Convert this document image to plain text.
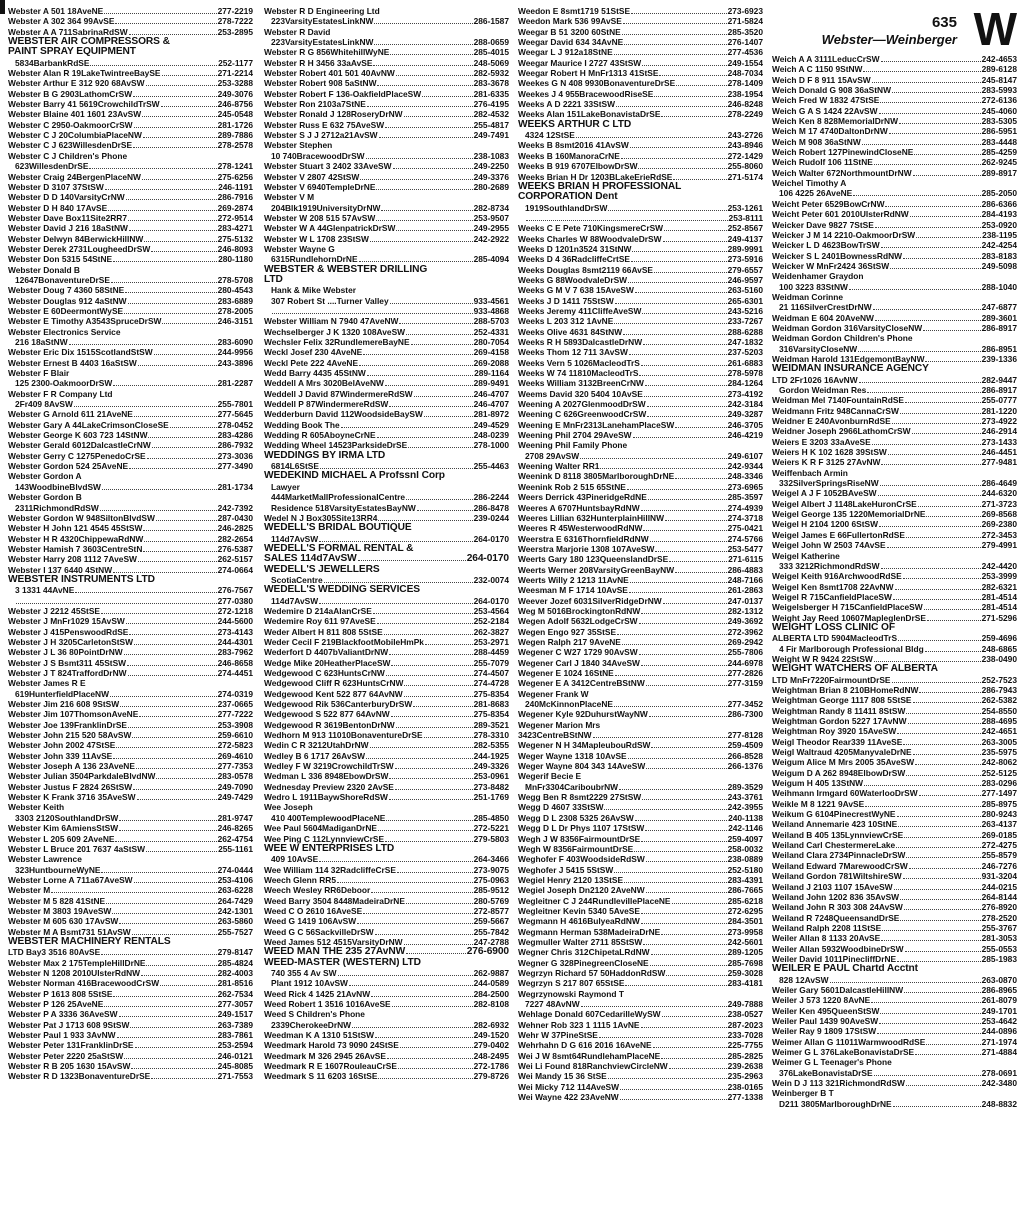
Webster A 501 18AveNE	277-2219
Webster A 302 364 99AvSE	278-7222
Webster A A 711SabrinaRdSW	253-2895
WEBSTER AIR COMPRESSORS &
PAINT SPRAY EQUIPMENT
5834BarbankRdSE	252-1177
Webster Alan R 19LakeTwintreeBaySE	271-2214
Webster Arthur E 312 920 68AvSW	253-3288
Webster B G 2903LathomCrSW	249-3076
Webster Barry 41 5619CrowchildTrSW	246-8756
Webster Blaine 401 1601 23AvSW	245-0548
Webster C 2950-OakmoorCrSW	281-1726
Webster C J 20ColumbiaPlaceNW	289-7886
Webster C J 623WillesdenDrSE	278-2578
Webster C J Children's Phone
623WillesdenDrSE	278-1241
Webster Craig 24BergenPlaceNW	275-6256
Webster D 3107 37StSW	246-1191
Webster D D 140VarsityCrNW	286-7916
Webster D H 840 17AvSE	269-2874
Webster Dave Box11Site2RR7	272-9514
Webster David J 216 18aStNW	283-4271
Webster Delwyn 84BerwickHillNW	275-5132
Webster Derek 2731LougheedDrSW	246-8093
Webster Don 5315 54StNE	280-1180
Webster Donald B
12647BonaventureDrSE	278-5708
Webster Doug 7 4360 58StNE	280-4543
Webster Douglas 912 4aStNW	283-6889
Webster E 60DeermontWySE	278-2005
Webster E Timothy A3543SpruceDrSW	246-3151
Webster Electronics Service
216 18aStNW	283-6090
Webster Eric Dix 1515ScotlandStSW	244-9956
Webster Ernest B 4403 16aStSW	243-3896
Webster F Blair
125 2300-OakmoorDrSW	281-2287
Webster F R Company Ltd
2Fr409 8AvSW	255-7801
Webster G Arnold 611 21AveNE	277-5645
Webster Gary A 44LakeCrimsonCloseSE	278-0452
Webster George K 603 723 14StNW	283-4286
Webster Gerald 6012DalcastleCrNW	286-7932
Webster Gerry C 1275PenedoCrSE	273-3036
Webster Gordon 524 25AveNE	277-3490
Webster Gordon A
143WoodbineBlvdSW	281-1734
Webster Gordon B
2311RichmondRdSW	242-7392
Webster Gordon W 948SiltonBlvdSW	287-0430
Webster H John 121 4545 45StSW	246-2825
Webster H R 4320ChippewaRdNW	282-2654
Webster Hamish 7 3603CentreStN	276-5387
Webster Harry 208 1112 7AveSW	262-5157
Webster I 137 6440 4StNW	274-0664
WEBSTER INSTRUMENTS LTD
3 1331 44AvNE	276-7567
277-0380
Webster J 2212 45StSE	272-1218
Webster J MnFr1029 15AvSW	244-5600
Webster J 415PenswoodRdSE	273-4143
Webster J H 3205CarletonStSW	244-4301
Webster J L 36 80PointDrNW	283-7962
Webster J S Bsmt311 45StSW	246-8658
Webster J T 824TraffordDrNW	274-4451
Webster James R E
619HunterfieldPlaceNW	274-0319
Webster Jim 216 608 9StSW	237-0665
Webster Jim 107ThomsonAveNE	277-7222
Webster Joe 139FranklinDrSE	253-3908
Webster John 215 520 58AvSW	259-6610
Webster John 2002 47StSE	272-5823
Webster John 339 11AvSE	269-4610
Webster Joseph A 136 23AveNE	277-7353
Webster Julian 3504ParkdaleBlvdNW	283-0578
Webster Justus F 2824 26StSW	249-7090
Webster K Frank 3716 35AveSW	249-7429
Webster Keith
3303 2120SouthlandDrSW	281-9747
Webster Kim 6AmiensStSW	246-8265
Webster L 205 609 2AveNE	262-4754
Webster L Bruce 201 7637 4aStSW	255-1161
Webster Lawrence
323HuntbourneWyNE	274-0444
Webster Lorne A 711a67AveSW	253-4106
Webster M	263-6228
Webster M 5 828 41StNE	264-7429
Webster M 3803 19AveSW	242-1301
Webster M 605 630 17AvSW	263-5860
Webster M A Bsmt731 51AvSW	255-7527
WEBSTER MACHINERY RENTALS
LTD Bay3 3516 80AvSE	279-8147
Webster Max 2 175TempleHillDrNE	285-4824
Webster N 1208 2010UlsterRdNW	282-4003
Webster Norman 416BracewoodCrSW	281-8516
Webster P 1613 808 5StSE	262-7534
Webster P 126 25AveNE	277-3057
Webster P A 3336 36AveSW	249-1517
Webster Pat J 1713 608 9StSW	263-7389
Webster Paul 1 933 3AvNW	283-7861
Webster Peter 131FranklinDrSE	253-2594
Webster Peter 2220 25aStSW	246-0121
Webster R B 205 1630 15AvSW	245-8085
Webster R D 1323BonaventureDrSE	271-7553
Webster R D Engineering Ltd
223VarsityEstatesLinkNW	286-1587
Webster R David
223VarsityEstatesLinkNW	288-0659
Webster R G 856WhitehillWyNE	285-4015
Webster R H 3456 33aAvSE	248-5069
Webster Robert 401 501 40AvNW	282-5932
Webster Robert 908 5aStNW	283-3678
Webster Robert F 136-OakfieldPlaceSW	281-6335
Webster Ron 2103a7StNE	276-4195
Webster Ronald J 128RoseryDrNW	282-4532
Webster Russ E 632 75AveSW	255-4817
Webster S J J 2712a21AvSW	249-7491
Webster Stephen
10 740BracewoodDrSW	238-1083
Webster Stuart 3 2402 33AveSW	249-2250
Webster V 2807 42StSW	249-3376
Webster V 6940TempleDrNE	280-2689
Webster V M
204Blk1919UniversityDrNW	282-8734
Webster W 208 515 57AvSW	253-9507
Webster W A 44GlenpatrickDrSW	249-2955
Webster W L 1708 23StSW	242-2922
Webster Wayne G
6315RundlehornDrNE	285-4094
WEBSTER & WEBSTER DRILLING
LTD
Hank & Mike Webster
307 Robert St ....Turner Valley	933-4561
933-4868
Webster William N 7940 47AveNW	288-5703
Wechselberger J K 1320 108AveSW	252-4331
Wechsler Felix 32RundlemereBayNE	280-7054
Weckl Josef 230 4AveNE	269-4158
Weckl Pete 222 4AveNE	269-2088
Wedd Barry 4435 45StNW	289-1164
Weddell A Mrs 3020BelAveNW	289-9491
Weddell J David 87WindermereRdSW	246-4707
Weddell P 87WindermereRdSW	246-4707
Wedderburn David 112WoodsideBaySW	281-8972
Wedding Book The	249-4529
Wedding R 605AboyneCrNE	248-0239
Wedding Wheel 14523ParksideDrSE	278-1000
WEDDINGS BY IRMA LTD
6814L6StSE	255-4463
WEDEKIND MICHAEL A Profssnl Corp
Lawyer
444MarketMallProfessionalCentre	286-2244
Residence 518VarsityEstatesBayNW	286-8478
Wedel N J Box305Site13RR4	239-0244
WEDELL'S BRIDAL BOUTIQUE
114d7AvSW	264-0170
WEDELL'S FORMAL RENTAL &
SALES 114d7AvSW	264-0170
WEDELL'S JEWELLERS
ScotiaCentre	232-0074
WEDELL'S WEDDING SERVICES
114d7AvSW	264-0170
Wedemire D 214aAlanCrSE	253-4564
Wedemire Roy 611 97AveSE	252-2184
Weder Albert H 811 808 5StSE	262-3827
Weder Cecil F 219BlackfootMobileHmPk	253-2971
Wederfort D 4407bValiantDrNW	288-4459
Wedge Mike 20HeatherPlaceSW	255-7079
Wedgewood C 623HuntsCrNW	274-4507
Wedgewood Cliff R 623HuntsCrNW	274-4728
Wedgewood Kent 522 877 64AvNW	275-8354
Wedgewood Rik 536CanterburyDrSW	281-8683
Wedgewood S 522 877 64AvNW	275-8354
Wedgewood R 3619BentonDrNW	289-3521
Wedhorn M 913 11010BonaventureDrSE	278-3310
Wedin C R 3212UtahDrNW	282-5355
Wedley B 6 1717 26AvSW	244-1925
Wedley F W 3219CrowchildTrSW	249-3326
Wedman L 336 8948EbowDrSW	253-0961
Wednesday Preview 2320 2AvSE	273-8482
Wedro L 1911BaywShoreRdSW	251-1769
Wee Joseph
410 400TemplewoodPlaceNE	285-4850
Wee Paul 5604MadiganDrNE	272-5221
Wee Ping C 112LynnviewCrSE	279-5803
WEE W ENTERPRISES LTD
409 10AvSE	264-3466
Wee William 114 32RadcliffeCrSE	273-9075
Weech Glenn RR5	275-0963
Weech Wesley RR6Deboor	285-9512
Weed Barry 3504 8448MadeiraDrNE	280-5769
Weed C O 2610 16AveSE	272-8577
Weed G 1419 106AvSW	259-5667
Weed G C 56SackvilleDrSW	255-7842
Weed James 512 4515VarsityDrNW	247-2788
WEED MAN THE 235 27AvNW	276-6900
WEED-MASTER (WESTERN) LTD
740 355 4 Av SW	262-9887
Plant 1912 10AvSW	244-0589
Weed Rick 4 1425 21AvNW	284-2500
Weed Robert 1 3516 1016AveSE	282-8108
Weed S Children's Phone
2339CherokeeDrNW	282-6932
Weedman K A 1310 51StSW	249-1520
Weedmark Harold 73 9090 24StSE	279-0402
Weedmark M 326 2945 26AvSE	248-2495
Weedmark R E 1607RouleauCrSE	272-1786
Weedmark S 11 6203 16StSE	279-8726
Weedon E 8smt1719 51StSE	273-6923
Weedon Mark 536 99AvSE	271-5824
Weegar B 51 3200 60StNE	285-3520
Weegar David 634 34AvNE	276-1407
Weegar L J 912a18StNE	277-4536
Weegar Maurice I 2727 43StSW	249-1554
Weegar Robert H MnFr1313 41StSE	248-7034
Weekes G N 408 9930BonaventureDrSE	278-1409
Weekes J 4 955BracewoodRiseSE	238-1954
Weeks A D 2221 33StSW	246-8248
Weeks Alan 151LakeBonavistaDrSE	278-2249
WEEKS ARTHUR C LTD
4324 12StSE	243-2726
Weeks B 8smt2016 41AvSW	243-8946
Weeks B 160ManoraCrNE	272-1429
Weeks B 919 6707ElbowDrSW	255-8060
Weeks Brian H Dr 1203BLakeErieRdSE	271-5174
WEEKS BRIAN H PROFESSIONAL
CORPORATION Dent
1919SouthlandDrSW	253-1261
253-8111
Weeks C E Pete 710KingsmereCrSW	252-8567
Weeks Charles W 88WoodvaleDrSW	249-4137
Weeks D 1201n3524 31StNW	289-9991
Weeks D 4 36RadcliffeCrtSE	273-5916
Weeks Douglas 8smt2119 66AvSE	279-6557
Weeks G 88WoodvaleDrSW	246-9597
Weeks G M V 7 638 15AveSW	263-5160
Weeks J D 1411 75StSW	265-6301
Weeks Jeremy 411CliffeAveSW	243-5216
Weeks L 203 312 1AvNE	233-7267
Weeks Olive 4631 84StNW	288-6288
Weeks R H 5893DalcastleDrNW	247-1832
Weeks Thom 12 711 3AvSW	237-5203
Weeks Vern 5 1026MacleodTrS	261-6883
Weeks W 74 11810MacleodTrS	278-5978
Weeks William 3132BreenCrNW	284-1264
Weems David 320 5404 10AvSE	273-4192
Weening A 2027GlenmoodDrSW	242-3184
Weening C 626GreenwoodCrSW	249-3287
Weening E MnFr2313LanehamPlaceSW	246-3705
Weening Phil 2704 29AveSW	246-4219
Weening Phil Family Phone
2708 29AvSW	249-6107
Weening Walter RR1	242-9344
Weenink D 8118 3805MarlboroughDrNE	248-3346
Weenink Rob 2 515 65StNE	273-6965
Weers Derrick 43PineridgeRdNE	285-3597
Weeres A 6707HuntsbayRdNW	274-4939
Weeres Lillian 632HunterplainHillNW	274-3718
Weeres R 45WesterwoodRdNW	275-0421
Weerstra E 6316ThornfieldRdNW	274-5766
Weerstra Marjorie 1308 107AveSW	253-5477
Weerts Gary 180 123QueenslandDrSE	271-6115
Weerts Werner 208VarsityGreenBayNW	286-4883
Weerts Willy 2 1213 11AvNE	248-7166
Weesman M F 1714 10AvSE	261-2863
Weever Jozef 6031SilverRidgeDrNW	247-0137
Weg M 5016BrockingtonRdNW	282-1312
Wegen Adolf 5632LodgeCrSW	249-3692
Wegen Engo 927 35StSE	272-3962
Wegen Ralph 217 9AveNE	269-2942
Wegener C W27 1729 90AvSW	255-7806
Wegener Carl J 1840 34AveSW	244-6978
Wegener E 1024 16StNE	277-2826
Wegener E A 3412CentreBStNW	277-3159
Wegener Frank W
240McKinnonPlaceNE	277-3452
Wegener Kyle 92DuhurstWayNW	286-7300
Wegener Marion Mrs
3423CentreBStNW	277-8128
Wegener N H 34MapleubouRdSW	259-4509
Weger Wayne 1318 10AvSE	266-8528
Weger Wayne 804 343 14AveSW	266-1376
Wegerif Becie E
MnFr3304CariboubrNW	289-3529
Wegg Ben R 8smt2229 27StSW	243-3761
Wegg D 4607 33StSW	242-3955
Wegg D L 2308 5325 26AvSW	240-1138
Wegg D L Dr Phys 1107 17StSW	242-1146
Wegh J W 8356FairmountDrSE	259-4097
Wegh W 8356FairmountDrSE	258-0032
Weghofer F 403WoodsideRdSW	238-0889
Weghofer J 5415 5StSW	252-5180
Wegiel Henry 2120 13StSE	283-4391
Wegiel Joseph Dn2120 2AveNW	286-7665
Wegleitner C J 244RundleviIlePlaceNE	285-6218
Wegleitner Kevin 5340 5AveSE	272-6295
Wegmann H 4616BulyeaRdNW	284-3501
Wegmann Herman 538MadeiraDrNE	273-9958
Wegmuller Walter 2711 85StSW	242-5601
Wegner Chris 312ChipetaLRdNW	289-1205
Wegner G 328PinegreenCloseNE	285-7698
Wegrzyn Richard 57 50HaddonRdSW	259-3028
Wegrzyn S 217 807 65StSE	283-4181
Wegrzynowski Raymond T
7227 48AvNW	249-7888
Wehlage Donald 607CedarilleWySW	238-0527
Wehner Rob 323 1 1115 1AvNE	287-2023
Wehr W 37PineStSE	233-7028
Wehrhahn D G 616 2016 16AveNE	225-7755
Wei J W 8smt64RundlehamPlaceNE	285-2825
Wei Li Found 818RanchviewCircleNW	239-2638
Wei Mandy 15 36 StSE	235-2963
Wei Micky 712 114AveSW	238-0165
Wei Wayne 422 23AveNW	277-1338
635
Webster—Weinberger W
Weich A A 3111LeducCrSW	242-4653
Weich A C 1150 9StNW	289-6128
Weich D F 8 911 15AvSW	245-8147
Weich Donald G 908 36aStNW	283-5993
Weich Fred W 1832 47StSE	272-6136
Weich G A S 1424 22AvSW	245-4060
Weich Ken 8 828MemorialDrNW	283-5305
Weich M 17 4740DaltonDrNW	286-5951
Weich M 908 36aStNW	283-4448
Weich Robert 127PinewindCloseNE	285-4259
Weich Rudolf 106 11StNE	262-9245
Weich Walter 672NorthmountDrNW	289-8917
Weichel Timothy A
106 4225 26AveNE	285-2050
Weicht Peter 6529BowCrNW	286-6366
Weicht Peter 601 2010UlsterRdNW	284-4193
Weicker Dave 9827 7StSE	253-0920
Weicker J M 14 2210-OakmoorDrSW	238-1195
Weicker L D 4623BowTrSW	242-4254
Weicker S L 2401BownessRdNW	283-8183
Weicker W MnFr2424 36StSW	249-5098
Weidenhamer Graydon
100 3223 83StNW	288-1040
Weidman Corinne
21 116SilverCrestDrNW	247-6877
Weidman E 604 20AveNW	289-3601
Weidman Gordon 316VarsityCloseNW	286-8917
Weidman Gordon Children's Phone
316VarsityCloseNW	286-8951
Weidman Harold 131EdgemontBayNW	239-1336
WEIDMAN INSURANCE AGENCY
LTD 2Fr1026 16AvNW	282-9447
Gordon Weidman Res	286-8917
Weidman Mel 7140FountainRdSE	255-0777
Weidmann Fritz 948CannaCrSW	281-1220
Weidner E 240AvonburnRdSE	273-4922
Weidner Joseph 2966LathomCrSW	246-2914
Weiers E 3203 33aAveSE	273-1433
Weiers H K 102 1628 39StSW	246-4451
Weiers K R F 3125 27AvNW	277-9481
Weiffenbach Armin
332SilverSpringsRiseNW	286-4649
Weigel A J F 1052BAveSW	244-6320
Weigel Albert J 1148LakeHuronCrSE	271-3723
Weigel George 135 1220MemorialDrNE	269-8568
Weigel H 2104 1200 6StSW	269-2380
Weigel James E 66FullertonRdSE	272-3453
Weigel John W 2503 74AvSE	279-4991
Weigel Katherine
333 3212RichmondRdSW	242-4420
Weigel Keith 916ArchwoodRdSE	253-3999
Weigel Ken 8smt1708 22AvNW	282-6321
Weigel R 715CanfieldPlaceSW	281-4514
Weigelsberger H 715CanfieldPlaceSW	281-4514
Weight Jay Reed 10607MapleglenDrSE	271-5296
WEIGHT LOSS CLINIC OF
ALBERTA LTD 5904MacleodTrS	259-4696
4 Fir Marlborough Professional Bldg	248-6865
Weight W R 9424 22StSW	238-0490
WEIGHT WATCHERS OF ALBERTA
LTD MnFr7220FairmountDrSE	252-7523
Weightman Brian 8 210BHomeRdNW	286-7943
Weightman George 1117 808 5StSE	262-5382
Weightman Randy 8 11411 8StSW	254-8550
Weightman Gordon 5227 17AvNW	288-4695
Weightman Roy 3920 15AveSW	242-4651
Weigl Theodor Rear339 11AveSE	263-3005
Weigl Waltraud 4205ManyvaleDrNE	235-5975
Weigum Alice M Mrs 2005 35AveSW	242-8062
Weigum D A 262 8948ElbowDrSW	252-5125
Weigum H 405 13StNW	283-0296
Weihmann Irmgard 60WaterlooDrSW	277-1497
Weikle M 8 1221 9AvSE	285-8975
Weikum G 6104PinecrestWyNE	280-9243
Weiland Annemarie 423 10StNE	263-4137
Weiland B 405 135LynnviewCrSE	269-0185
Weiland Carl ChestermereLake	272-4275
Weiland Clara 2734PinnacleDrSW	255-8579
Weiland Edward 7MarewoodCrSW	246-7276
Weiland Gordon 781WiltshireSW	931-3204
Weiland J 2103 1107 15AveSW	244-0215
Weiland John 1202 836 35AvSW	264-8144
Weiland John R 303 308 24AvSW	276-8920
Weiland R 7248QueensandDrSE	278-2520
Weiland Ralph 2208 11StSE	255-3767
Weiler Allan 8 1133 20AvSE	281-3053
Weiler Allan 5932WoodbineDrSW	255-0553
Weiler David 1011PinecliffDrNE	285-1983
WEILER E PAUL Chartd Acctnt
828 12AvSW	263-0870
Weiler Gary 5601DalcastleHillNW	286-8965
Weiler J 573 1220 8AvNE	261-8079
Weiler Ken 495QueenStSW	249-1701
Weiler Paul 1439 90AveSW	253-4642
Weiler Ray 9 1809 17StSW	244-0896
Weimer Allan G 11011WarmwoodRdSE	271-1974
Weimer G L 376LakeBonavistaDrSE	271-4884
Weimer G L Teenager's Phone
376LakeBonavistaDrSE	278-0691
Wein D J 113 321RichmondRdSW	242-3480
Weinberger B T
D211 3805MarlboroughDrNE	248-8832
